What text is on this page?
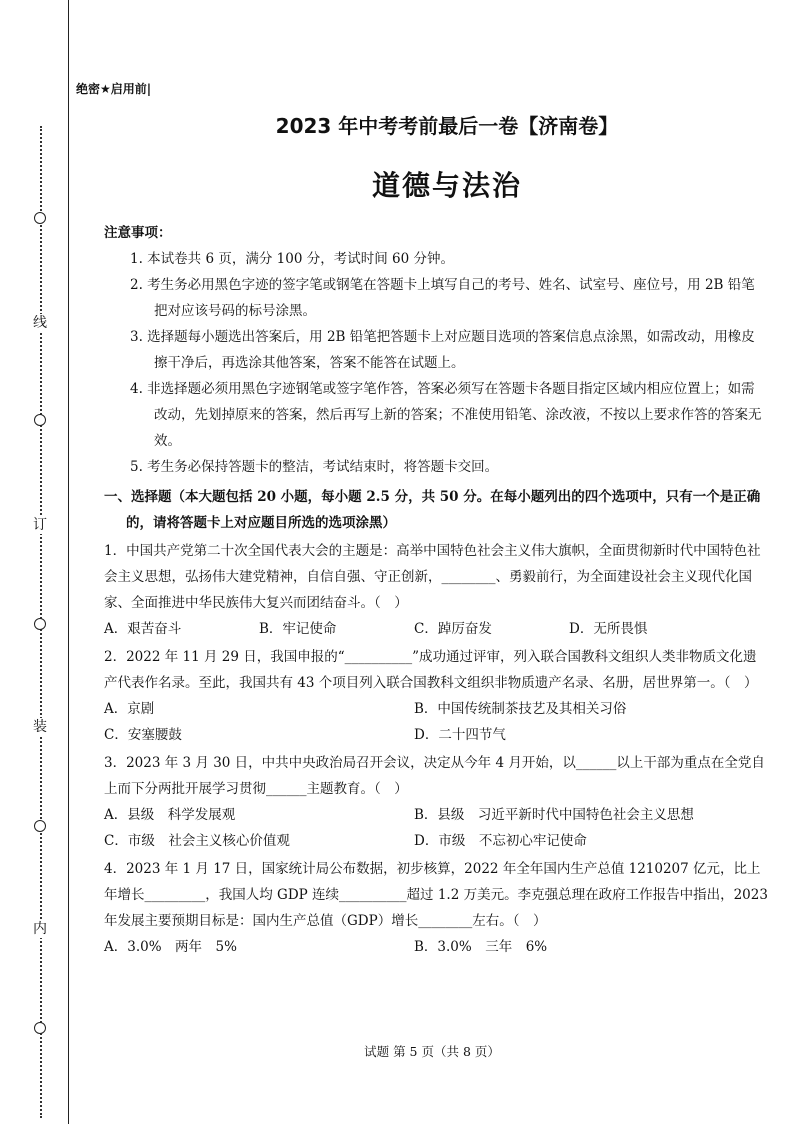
线
订
装
内
绝密★启用前|
2023 年中考考前最后一卷【济南卷】
道德与法治
注意事项：
1. 本试卷共 6 页，满分 100 分，考试时间 60 分钟。
2. 考生务必用黑色字迹的签字笔或钢笔在答题卡上填写自己的考号、姓名、试室号、座位号，用 2B 铅笔把对应该号码的标号涂黑。
3. 选择题每小题选出答案后，用 2B 铅笔把答题卡上对应题目选项的答案信息点涂黑，如需改动，用橡皮擦干净后，再选涂其他答案，答案不能答在试题上。
4. 非选择题必须用黑色字迹钢笔或签字笔作答，答案必须写在答题卡各题目指定区域内相应位置上；如需改动，先划掉原来的答案，然后再写上新的答案；不准使用铅笔、涂改液，不按以上要求作答的答案无效。
5. 考生务必保持答题卡的整洁，考试结束时，将答题卡交回。
一、选择题（本大题包括 20 小题，每小题 2.5 分，共 50 分。在每小题列出的四个选项中，只有一个是正确的，请将答题卡上对应题目所选的选项涂黑）
1．中国共产党第二十次全国代表大会的主题是：高举中国特色社会主义伟大旗帜，全面贯彻新时代中国特色社会主义思想，弘扬伟大建党精神，自信自强、守正创新，________、勇毅前行，为全面建设社会主义现代化国家、全面推进中华民族伟大复兴而团结奋斗。（　）
A．艰苦奋斗	B．牢记使命	C．踔厉奋发	D．无所畏惧
2．2022 年 11 月 29 日，我国申报的“__________”成功通过评审，列入联合国教科文组织人类非物质文化遗产代表作名录。至此，我国共有 43 个项目列入联合国教科文组织非物质遗产名录、名册，居世界第一。（　）
A．京剧	B．中国传统制茶技艺及其相关习俗
C．安塞腰鼓	D．二十四节气
3．2023 年 3 月 30 日，中共中央政治局召开会议，决定从今年 4 月开始，以______以上干部为重点在全党自上而下分两批开展学习贯彻______主题教育。（　）
A．县级　科学发展观	B．县级　习近平新时代中国特色社会主义思想
C．市级　社会主义核心价值观	D．市级　不忘初心牢记使命
4．2023 年 1 月 17 日，国家统计局公布数据，初步核算，2022 年全年国内生产总值 1210207 亿元，比上年增长_________，我国人均 GDP 连续__________超过 1.2 万美元。李克强总理在政府工作报告中指出，2023 年发展主要预期目标是：国内生产总值（GDP）增长________左右。（　）
A．3.0%　两年　5%	B．3.0%　三年　6%
试题 第 5 页（共 8 页）
